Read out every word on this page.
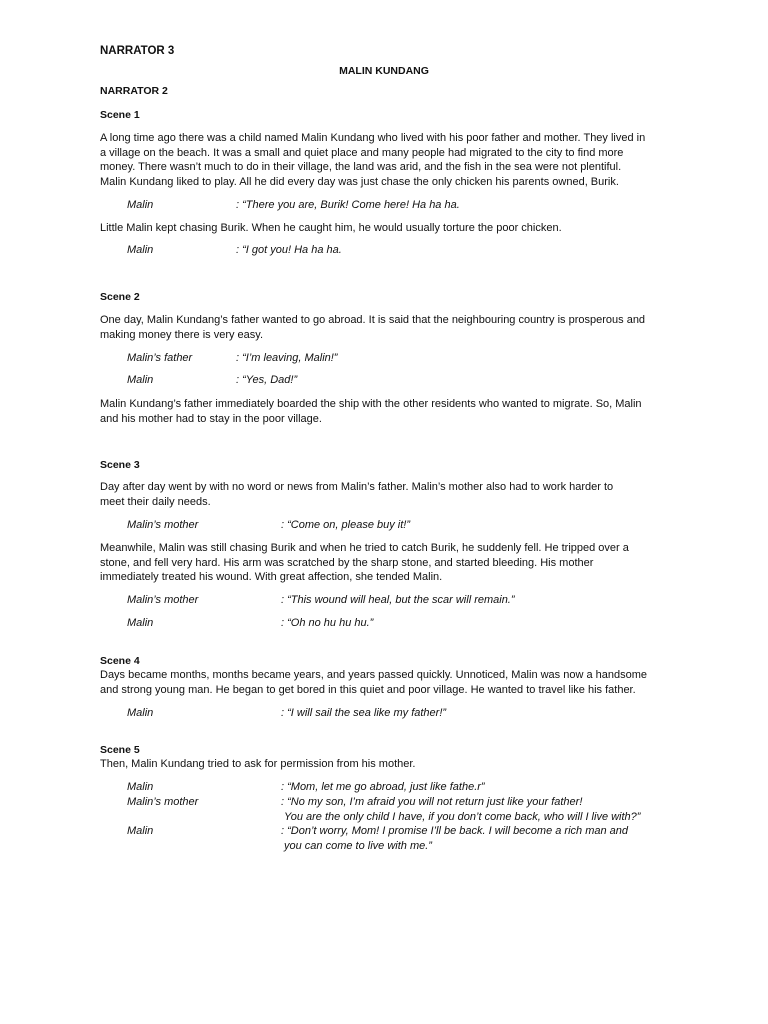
NARRATOR 3
MALIN KUNDANG
NARRATOR 2
Scene 1
A long time ago there was a child named Malin Kundang who lived with his poor father and mother. They lived in
a village on the beach. It was a small and quiet place and many people had migrated to the city to find more
money. There wasn’t much to do in their village, the land was arid, and the fish in the sea were not plentiful.
Malin Kundang liked to play. All he did every day was just chase the only chicken his parents owned, Burik.
Malin	: “There you are, Burik! Come here! Ha ha ha.
Little Malin kept chasing Burik. When he caught him, he would usually torture the poor chicken.
Malin	: “I got you! Ha ha ha.
Scene 2
One day, Malin Kundang’s father wanted to go abroad. It is said that the neighbouring country is prosperous and
making money there is very easy.
Malin’s father	: “I’m leaving, Malin!”
Malin	: “Yes, Dad!”
Malin Kundang’s father immediately boarded the ship with the other residents who wanted to migrate. So, Malin
and his mother had to stay in the poor village.
Scene 3
Day after day went by with no word or news from Malin’s father. Malin’s mother also had to work harder to
meet their daily needs.
Malin’s mother	: “Come on, please buy it!”
Meanwhile, Malin was still chasing Burik and when he tried to catch Burik, he suddenly fell. He tripped over a
stone, and fell very hard. His arm was scratched by the sharp stone, and started bleeding. His mother
immediately treated his wound. With great affection, she tended Malin.
Malin’s mother	: “This wound will heal, but the scar will remain.”
Malin	: “Oh no hu hu hu.”
Scene 4
Days became months, months became years, and years passed quickly. Unnoticed, Malin was now a handsome
and strong young man. He began to get bored in this quiet and poor village. He wanted to travel like his father.
Malin	: “I will sail the sea like my father!”
Scene 5
Then, Malin Kundang tried to ask for permission from his mother.
Malin	: “Mom, let me go abroad, just like fathe.r”
Malin’s mother	: “No my son, I’m afraid you will not return just like your father!
You are the only child I have, if you don’t come back, who will I live with?”
Malin	: “Don’t worry, Mom! I promise I’ll be back. I will become a rich man and
you can come to live with me.”
